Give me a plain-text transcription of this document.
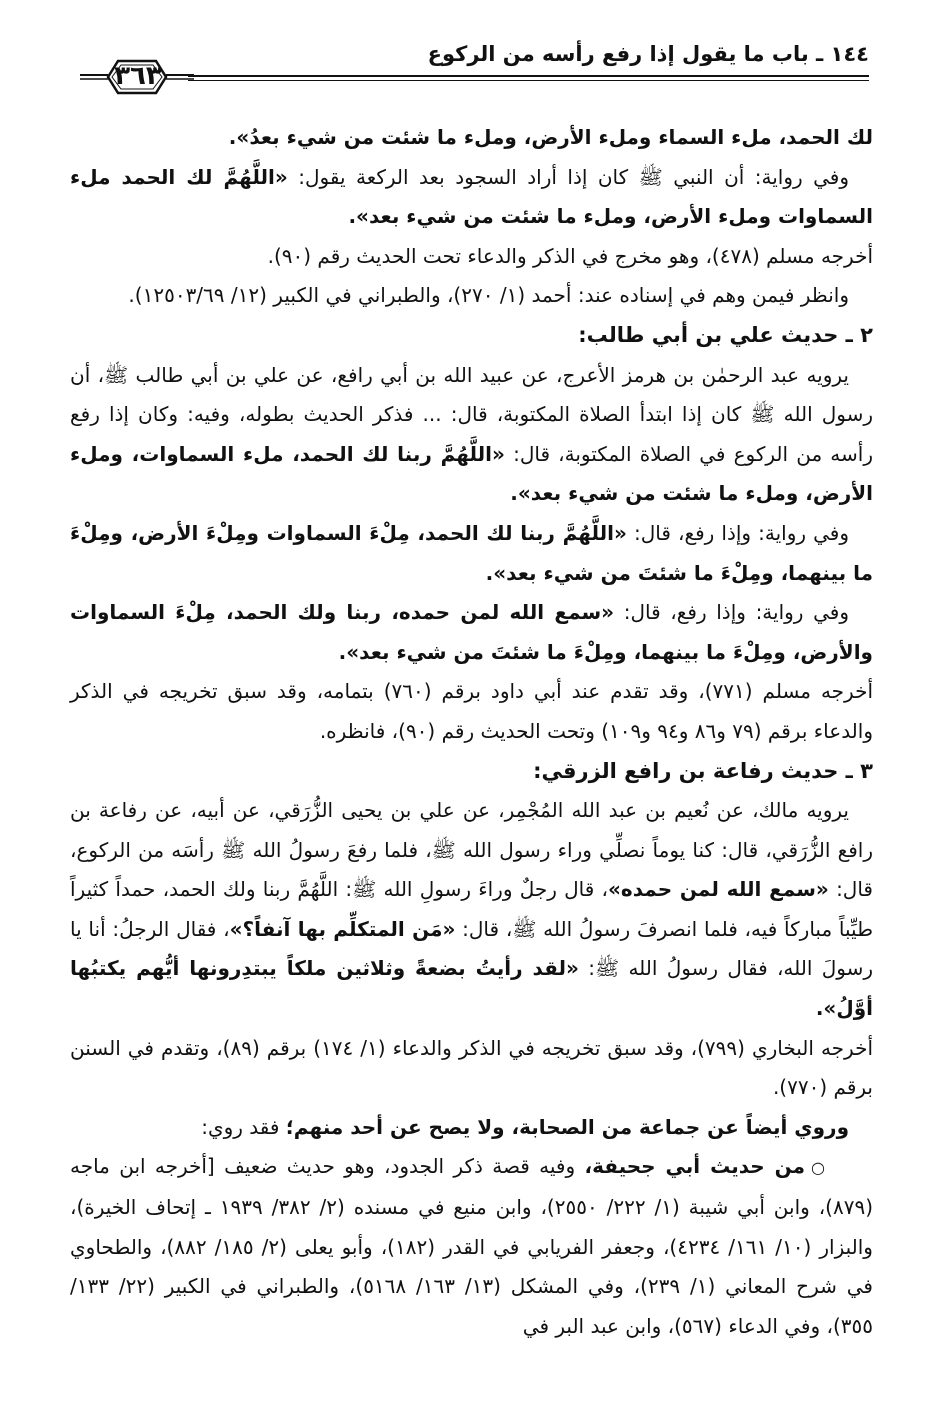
١٤٤ ـ باب ما يقول إذا رفع رأسه من الركوع
٣٦٣

لك الحمد، ملء السماء وملء الأرض، وملء ما شئت من شيء بعدُ».

وفي رواية: أن النبي ﷺ كان إذا أراد السجود بعد الركعة يقول: «اللَّهُمَّ لك الحمد ملء السماوات وملء الأرض، وملء ما شئت من شيء بعد».

أخرجه مسلم (٤٧٨)، وهو مخرج في الذكر والدعاء تحت الحديث رقم (٩٠).

وانظر فيمن وهم في إسناده عند: أحمد (١/ ٢٧٠)، والطبراني في الكبير (١٢/ ١٢٥٠٣/٦٩).

٢ ـ حديث علي بن أبي طالب:

يرويه عبد الرحمٰن بن هرمز الأعرج، عن عبيد الله بن أبي رافع، عن علي بن أبي طالب ﷺ، أن رسول الله ﷺ كان إذا ابتدأ الصلاة المكتوبة، قال: ... فذكر الحديث بطوله، وفيه: وكان إذا رفع رأسه من الركوع في الصلاة المكتوبة، قال: «اللَّهُمَّ ربنا لك الحمد، ملء السماوات، وملء الأرض، وملء ما شئت من شيء بعد».

وفي رواية: وإذا رفع، قال: «اللَّهُمَّ ربنا لك الحمد، مِلْءَ السماوات ومِلْءَ الأرض، ومِلْءَ ما بينهما، ومِلْءَ ما شئتَ من شيء بعد».

وفي رواية: وإذا رفع، قال: «سمع الله لمن حمده، ربنا ولك الحمد، مِلْءَ السماوات والأرض، ومِلْءَ ما بينهما، ومِلْءَ ما شئتَ من شيء بعد».

أخرجه مسلم (٧٧١)، وقد تقدم عند أبي داود برقم (٧٦٠) بتمامه، وقد سبق تخريجه في الذكر والدعاء برقم (٧٩ و٨٦ و٩٤ و١٠٩) وتحت الحديث رقم (٩٠)، فانظره.

٣ ـ حديث رفاعة بن رافع الزرقي:

يرويه مالك، عن نُعيم بن عبد الله المُجْمِر، عن علي بن يحيى الزُّرَقي، عن أبيه، عن رفاعة بن رافع الزُّرَقي، قال: كنا يوماً نصلِّي وراء رسول الله ﷺ، فلما رفعَ رسولُ الله ﷺ رأسَه من الركوع، قال: «سمع الله لمن حمده»، قال رجلٌ وراءَ رسولِ الله ﷺ: اللَّهُمَّ ربنا ولك الحمد، حمداً كثيراً طيِّباً مباركاً فيه، فلما انصرفَ رسولُ الله ﷺ، قال: «مَن المتكلِّم بها آنفاً؟»، فقال الرجلُ: أنا يا رسولَ الله، فقال رسولُ الله ﷺ: «لقد رأيتُ بضعةً وثلاثين ملكاً يبتدِرونها أيُّهم يكتبُها أوَّلُ».

أخرجه البخاري (٧٩٩)، وقد سبق تخريجه في الذكر والدعاء (١/ ١٧٤) برقم (٨٩)، وتقدم في السنن برقم (٧٧٠).

وروي أيضاً عن جماعة من الصحابة، ولا يصح عن أحد منهم؛ فقد روي:

○من حديث أبي جحيفة، وفيه قصة ذكر الجدود، وهو حديث ضعيف [أخرجه ابن ماجه (٨٧٩)، وابن أبي شيبة (١/ ٢٢٢/ ٢٥٥٠)، وابن منيع في مسنده (٢/ ٣٨٢/ ١٩٣٩ ـ إتحاف الخيرة)، والبزار (١٠/ ١٦١/ ٤٢٣٤)، وجعفر الفريابي في القدر (١٨٢)، وأبو يعلى (٢/ ١٨٥/ ٨٨٢)، والطحاوي في شرح المعاني (١/ ٢٣٩)، وفي المشكل (١٣/ ١٦٣/ ٥١٦٨)، والطبراني في الكبير (٢٢/ ١٣٣/ ٣٥٥)، وفي الدعاء (٥٦٧)، وابن عبد البر في
